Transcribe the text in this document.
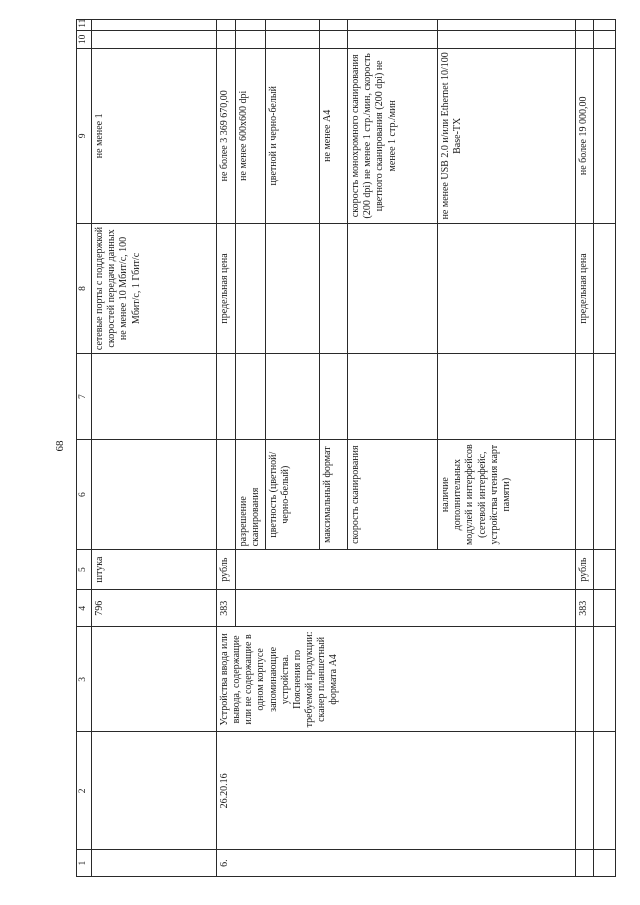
68
1	2	3	4	5	6	7	8	9	10	11
			796	штука			сетевые порты с поддержкой скоростей передачи данных не менее 10 Мбит/с, 100 Мбит/с, 1 Гбит/с	не менее 1		
6.	26.20.16	Устройства ввода или вывода, содержащие или не содержащие в одном корпусе запоминающие устройства. Пояснения по требуемой продукции: сканер планшетный формата А4	383	рубль			предельная цена	не более 3 369 670,00		
					разрешение сканирования			не менее 600х600 dpi		
					цветность (цветной/ черно-белый)			цветной и черно-белый		
					максимальный формат			не менее А4		
					скорость сканирования			скорость монохромного сканирования (200 dpi) не менее 1 стр./мин, скорость цветного сканирования (200 dpi) не менее 1 стр./мин		
					наличие дополнительных модулей и интерфейсов (сетевой интерфейс, устройства чтения карт памяти)			не менее USB 2.0 и/или Ethernet 10/100 Base-TX		
			383	рубль			предельная цена	не более 19 000,00		
